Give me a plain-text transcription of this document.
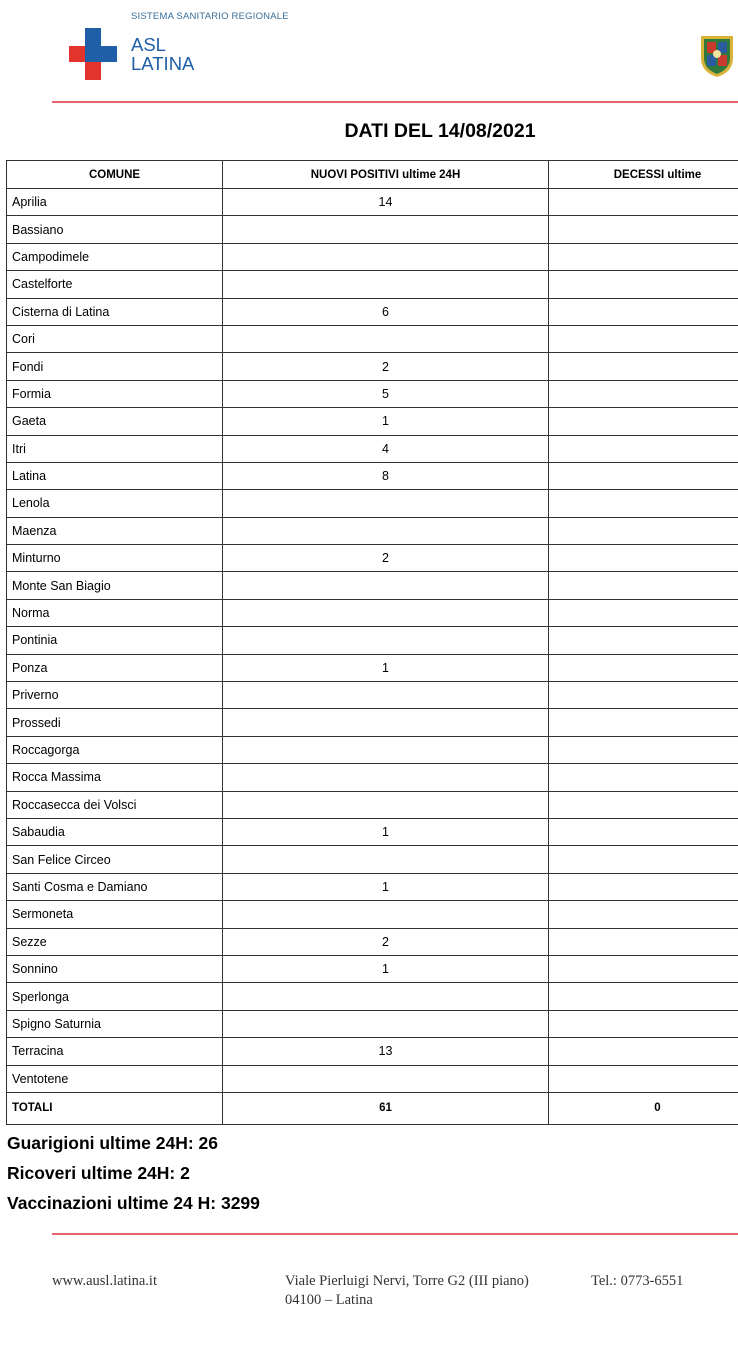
SISTEMA SANITARIO REGIONALE
ASL
LATINA
DATI DEL 14/08/2021
COMUNE	NUOVI POSITIVI ultime 24H	DECESSI ultime
Aprilia	14	
Bassiano		
Campodimele		
Castelforte		
Cisterna di Latina	6	
Cori		
Fondi	2	
Formia	5	
Gaeta	1	
Itri	4	
Latina	8	
Lenola		
Maenza		
Minturno	2	
Monte San Biagio		
Norma		
Pontinia		
Ponza	1	
Priverno		
Prossedi		
Roccagorga		
Rocca Massima		
Roccasecca dei Volsci		
Sabaudia	1	
San Felice Circeo		
Santi Cosma e Damiano	1	
Sermoneta		
Sezze	2	
Sonnino	1	
Sperlonga		
Spigno Saturnia		
Terracina	13	
Ventotene		
TOTALI	61	0
Guarigioni ultime 24H: 26
Ricoveri ultime 24H: 2
Vaccinazioni ultime 24 H: 3299
www.ausl.latina.it	Viale Pierluigi Nervi, Torre G2 (III piano)
04100 – Latina
Tel.: 0773-6551
